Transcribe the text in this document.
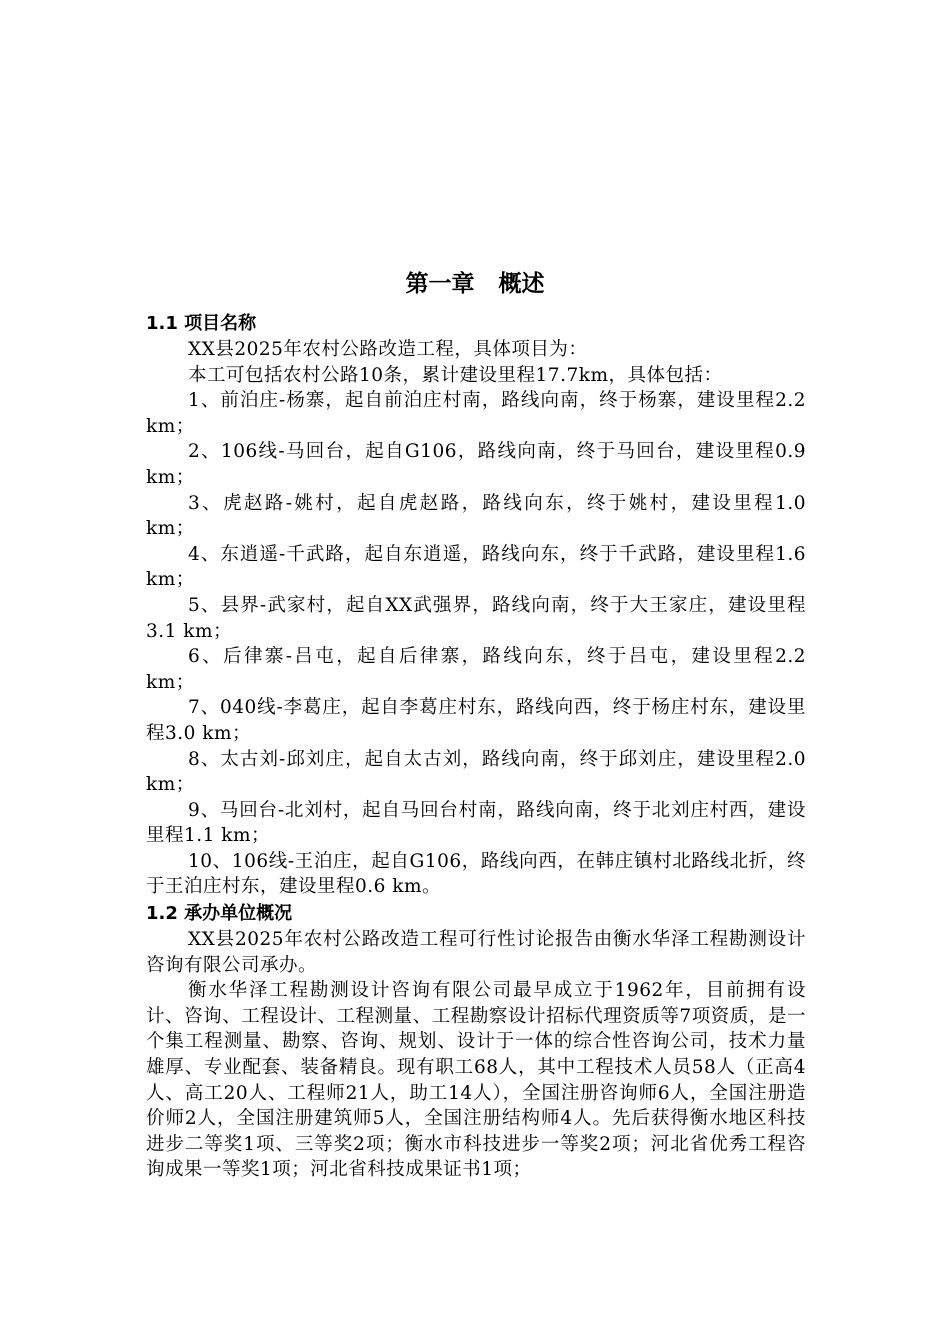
第一章   概述
1.1 项目名称

XX县2025年农村公路改造工程，具体项目为：

本工可包括农村公路10条，累计建设里程17.7km，具体包括：

1、前泊庄-杨寨，起自前泊庄村南，路线向南，终于杨寨，建设里程2.2 km；

2、106线-马回台，起自G106，路线向南，终于马回台，建设里程0.9 km；

3、虎赵路-姚村，起自虎赵路，路线向东，终于姚村，建设里程1.0 km；

4、东逍遥-千武路，起自东逍遥，路线向东，终于千武路，建设里程1.6 km；

5、县界-武家村，起自XX武强界，路线向南，终于大王家庄，建设里程3.1 km；

6、后律寨-吕屯，起自后律寨，路线向东，终于吕屯，建设里程2.2 km；

7、040线-李葛庄，起自李葛庄村东，路线向西，终于杨庄村东，建设里程3.0 km；

8、太古刘-邱刘庄，起自太古刘，路线向南，终于邱刘庄，建设里程2.0 km；

9、马回台-北刘村，起自马回台村南，路线向南，终于北刘庄村西，建设里程1.1 km；

10、106线-王泊庄，起自G106，路线向西，在韩庄镇村北路线北折，终于王泊庄村东，建设里程0.6 km。

1.2 承办单位概况

XX县2025年农村公路改造工程可行性讨论报告由衡水华泽工程勘测设计咨询有限公司承办。

衡水华泽工程勘测设计咨询有限公司最早成立于1962年，目前拥有设计、咨询、工程设计、工程测量、工程勘察设计招标代理资质等7项资质，是一个集工程测量、勘察、咨询、规划、设计于一体的综合性咨询公司，技术力量雄厚、专业配套、装备精良。现有职工68人，其中工程技术人员58人（正高4人、高工20人、工程师21人，助工14人），全国注册咨询师6人，全国注册造价师2人，全国注册建筑师5人，全国注册结构师4人。先后获得衡水地区科技进步二等奖1项、三等奖2项；衡水市科技进步一等奖2项；河北省优秀工程咨询成果一等奖1项；河北省科技成果证书1项；
